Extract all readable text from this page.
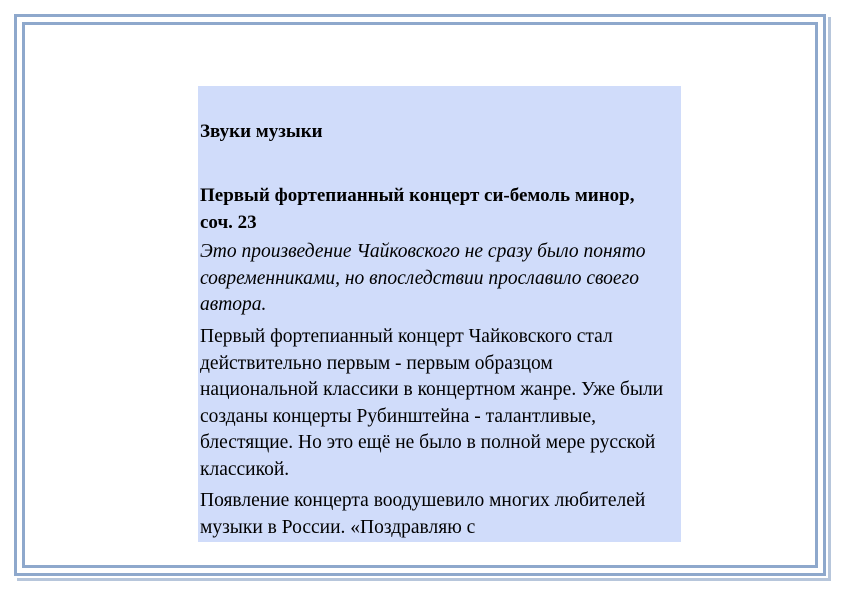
Звуки музыки

Первый фортепианный концерт си-бемоль минор, соч. 23

Это произведение Чайковского не сразу было понято современниками, но впоследствии прославило своего автора.

Первый фортепианный концерт Чайковского стал действительно первым - первым образцом национальной классики в концертном жанре. Уже были созданы концерты Рубинштейна - талантливые, блестящие. Но это ещё не было в полной мере русской классикой.

Появление концерта воодушевило многих любителей музыки в России. «Поздравляю с
